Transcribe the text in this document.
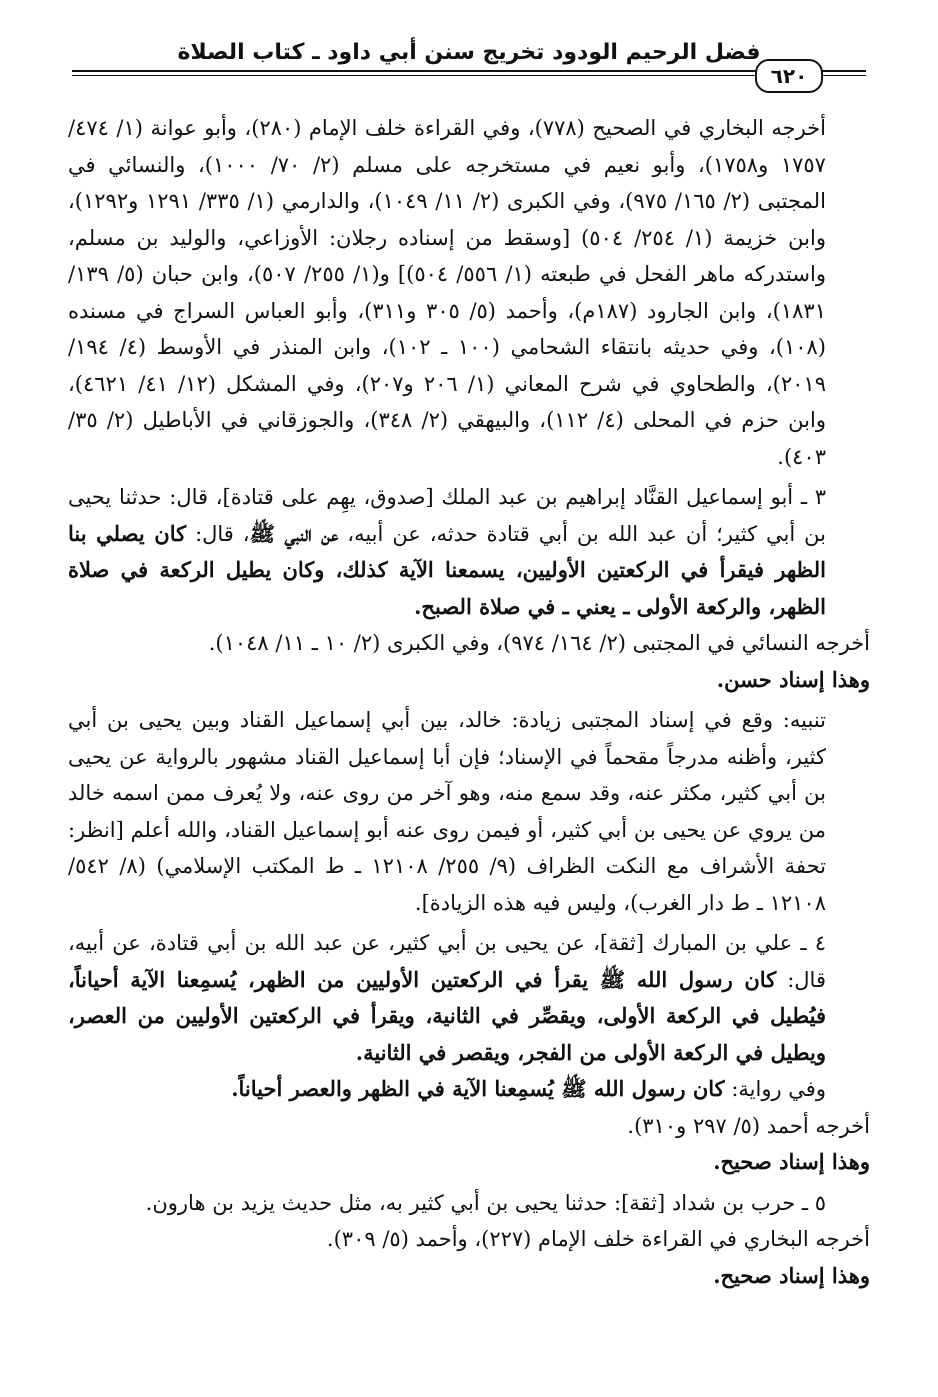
فضل الرحيم الودود تخريج سنن أبي داود ـ كتاب الصلاة
٦٢٠

أخرجه البخاري في الصحيح (٧٧٨)، وفي القراءة خلف الإمام (٢٨٠)، وأبو عوانة (١/ ٤٧٤/ ١٧٥٧ و١٧٥٨)، وأبو نعيم في مستخرجه على مسلم (٢/ ٧٠/ ١٠٠٠)، والنسائي في المجتبى (٢/ ١٦٥/ ٩٧٥)، وفي الكبرى (٢/ ١١/ ١٠٤٩)، والدارمي (١/ ٣٣٥/ ١٢٩١ و١٢٩٢)، وابن خزيمة (١/ ٢٥٤/ ٥٠٤) [وسقط من إسناده رجلان: الأوزاعي، والوليد بن مسلم، واستدركه ماهر الفحل في طبعته (١/ ٥٥٦/ ٥٠٤)] و(١/ ٢٥٥/ ٥٠٧)، وابن حبان (٥/ ١٣٩/ ١٨٣١)، وابن الجارود (١٨٧م)، وأحمد (٥/ ٣٠٥ و٣١١)، وأبو العباس السراج في مسنده (١٠٨)، وفي حديثه بانتقاء الشحامي (١٠٠ ـ ١٠٢)، وابن المنذر في الأوسط (٤/ ١٩٤/ ٢٠١٩)، والطحاوي في شرح المعاني (١/ ٢٠٦ و٢٠٧)، وفي المشكل (١٢/ ٤١/ ٤٦٢١)، وابن حزم في المحلى (٤/ ١١٢)، والبيهقي (٢/ ٣٤٨)، والجوزقاني في الأباطيل (٢/ ٣٥/ ٤٠٣).

٣ ـ أبو إسماعيل القنَّاد إبراهيم بن عبد الملك [صدوق، يهِم على قتادة]، قال: حدثنا يحيى بن أبي كثير؛ أن عبد الله بن أبي قتادة حدثه، عن أبيه، عن النبي ﷺ، قال: كان يصلي بنا الظهر فيقرأ في الركعتين الأوليين، يسمعنا الآية كذلك، وكان يطيل الركعة في صلاة الظهر، والركعة الأولى ـ يعني ـ في صلاة الصبح.

أخرجه النسائي في المجتبى (٢/ ١٦٤/ ٩٧٤)، وفي الكبرى (٢/ ١٠ ـ ١١/ ١٠٤٨).

وهذا إسناد حسن.

تنبيه: وقع في إسناد المجتبى زيادة: خالد، بين أبي إسماعيل القناد وبين يحيى بن أبي كثير، وأظنه مدرجاً مقحماً في الإسناد؛ فإن أبا إسماعيل القناد مشهور بالرواية عن يحيى بن أبي كثير، مكثر عنه، وقد سمع منه، وهو آخر من روى عنه، ولا يُعرف ممن اسمه خالد من يروي عن يحيى بن أبي كثير، أو فيمن روى عنه أبو إسماعيل القناد، والله أعلم [انظر: تحفة الأشراف مع النكت الظراف (٩/ ٢٥٥/ ١٢١٠٨ ـ ط المكتب الإسلامي) (٨/ ٥٤٢/ ١٢١٠٨ ـ ط دار الغرب)، وليس فيه هذه الزيادة].

٤ ـ علي بن المبارك [ثقة]، عن يحيى بن أبي كثير، عن عبد الله بن أبي قتادة، عن أبيه، قال: كان رسول الله ﷺ يقرأ في الركعتين الأوليين من الظهر، يُسمِعنا الآية أحياناً، فيُطيل في الركعة الأولى، ويقصِّر في الثانية، ويقرأ في الركعتين الأوليين من العصر، ويطيل في الركعة الأولى من الفجر، ويقصر في الثانية.

وفي رواية: كان رسول الله ﷺ يُسمِعنا الآية في الظهر والعصر أحياناً.

أخرجه أحمد (٥/ ٢٩٧ و٣١٠).

وهذا إسناد صحيح.

٥ ـ حرب بن شداد [ثقة]: حدثنا يحيى بن أبي كثير به، مثل حديث يزيد بن هارون.

أخرجه البخاري في القراءة خلف الإمام (٢٢٧)، وأحمد (٥/ ٣٠٩).

وهذا إسناد صحيح.
